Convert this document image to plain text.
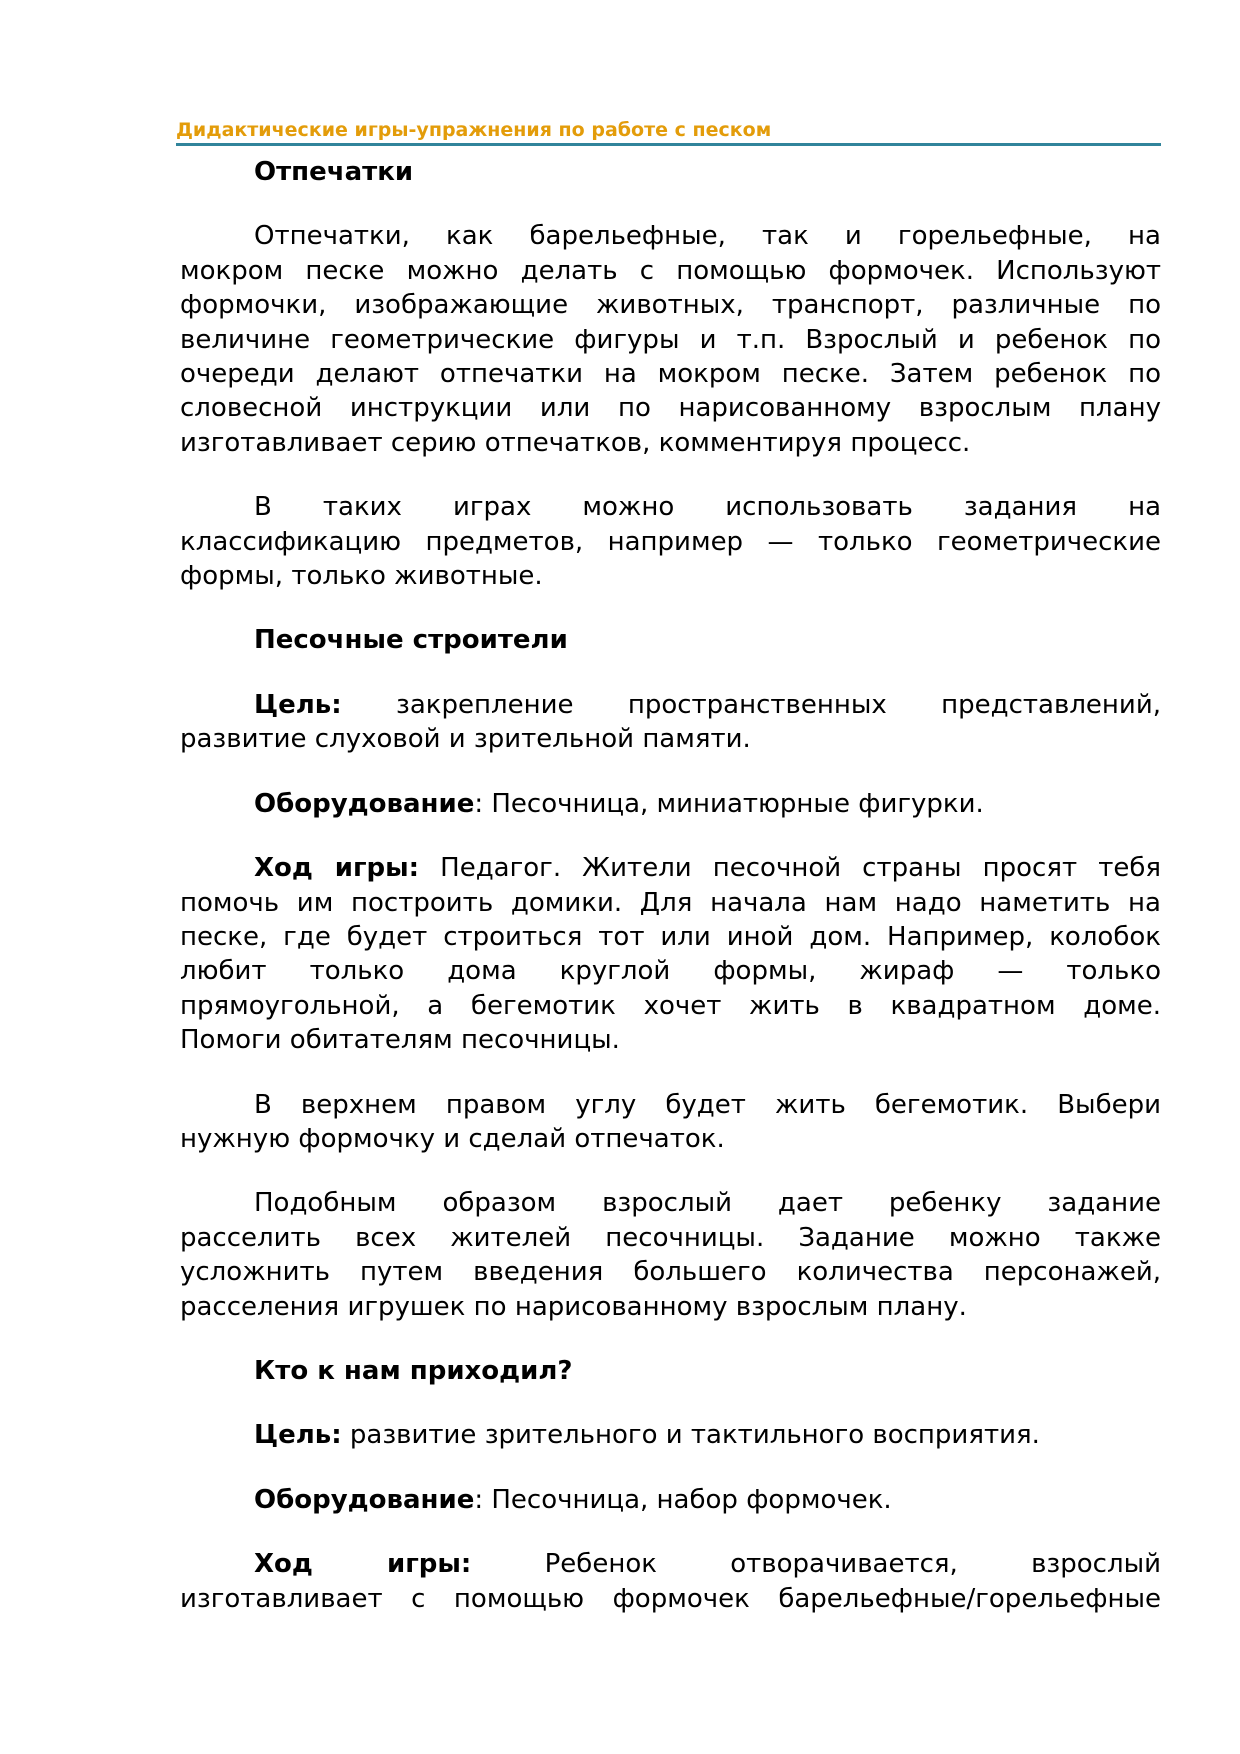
Дидактические игры-упражнения по работе с песком
Отпечатки
Отпечатки, как барельефные, так и горельефные, на
мокром песке можно делать с помощью формочек. Используют
формочки, изображающие животных, транспорт, различные по
величине геометрические фигуры и т.п. Взрослый и ребенок по
очереди делают отпечатки на мокром песке. Затем ребенок по
словесной инструкции или по нарисованному взрослым плану
изготавливает серию отпечатков, комментируя процесс.
В таких играх можно использовать задания на
классификацию предметов, например — только геометрические
формы, только животные.
Песочные строители
Цель: закрепление пространственных представлений,
развитие слуховой и зрительной памяти.
Оборудование: Песочница, миниатюрные фигурки.
Ход игры: Педагог. Жители песочной страны просят тебя
помочь им построить домики. Для начала нам надо наметить на
песке, где будет строиться тот или иной дом. Например, колобок
любит только дома круглой формы, жираф — только
прямоугольной, а бегемотик хочет жить в квадратном доме.
Помоги обитателям песочницы.
В верхнем правом углу будет жить бегемотик. Выбери
нужную формочку и сделай отпечаток.
Подобным образом взрослый дает ребенку задание
расселить всех жителей песочницы. Задание можно также
усложнить путем введения большего количества персонажей,
расселения игрушек по нарисованному взрослым плану.
Кто к нам приходил?
Цель: развитие зрительного и тактильного восприятия.
Оборудование: Песочница, набор формочек.
Ход игры:	Ребенок отворачивается, взрослый
изготавливает с помощью формочек барельефные/горельефные
